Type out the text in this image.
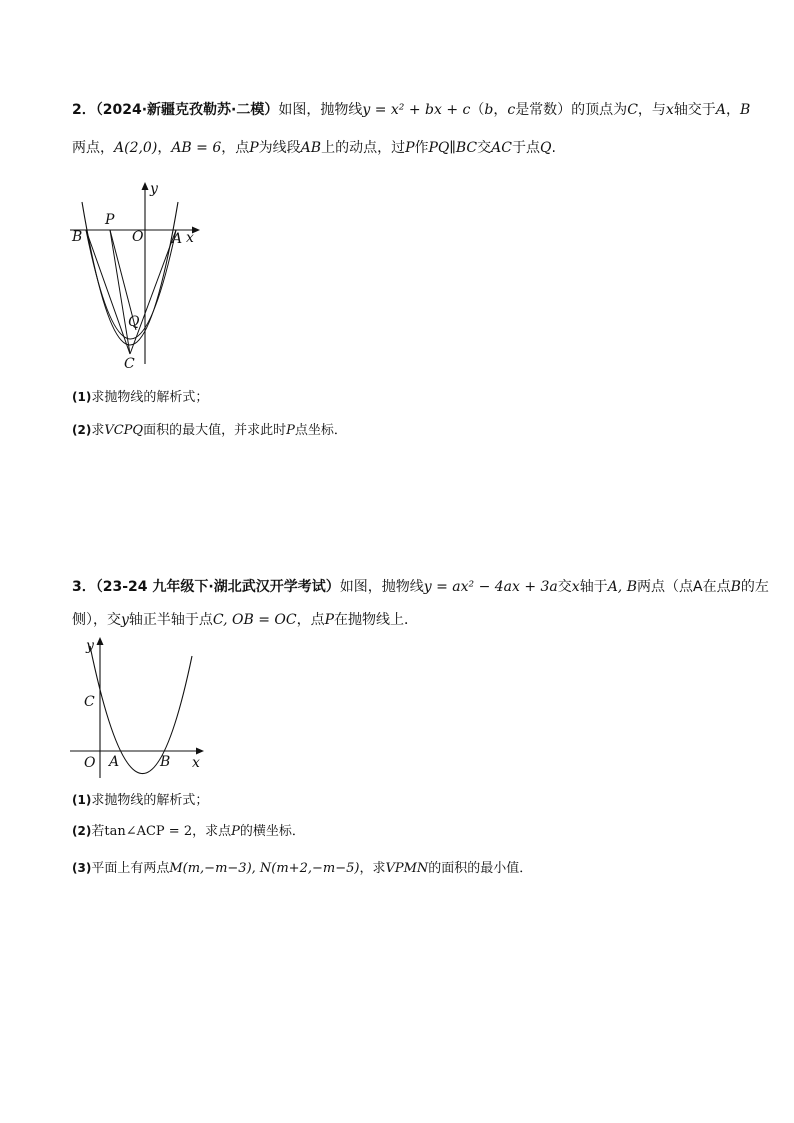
2．（2024·新疆克孜勒苏·二模）如图，抛物线y = x² + bx + c（b，c是常数）的顶点为C，与x轴交于A，B
两点，A(2,0)，AB = 6，点P为线段AB上的动点，过P作PQ∥BC交AC于点Q.
y
x
P
B	O A
Q
C
(1)求抛物线的解析式；
(2)求VCPQ面积的最大值，并求此时P点坐标．
3．（23-24 九年级下·湖北武汉开学考试）如图，抛物线y = ax² − 4ax + 3a交x轴于A, B两点（点A在点B的左
侧），交y轴正半轴于点C, OB = OC，点P在抛物线上．
y
C
O A	B x
(1)求抛物线的解析式；
(2)若tan∠ACP = 2，求点P的横坐标．
(3)平面上有两点M(m,−m−3), N(m+2,−m−5)，求VPMN的面积的最小值．
